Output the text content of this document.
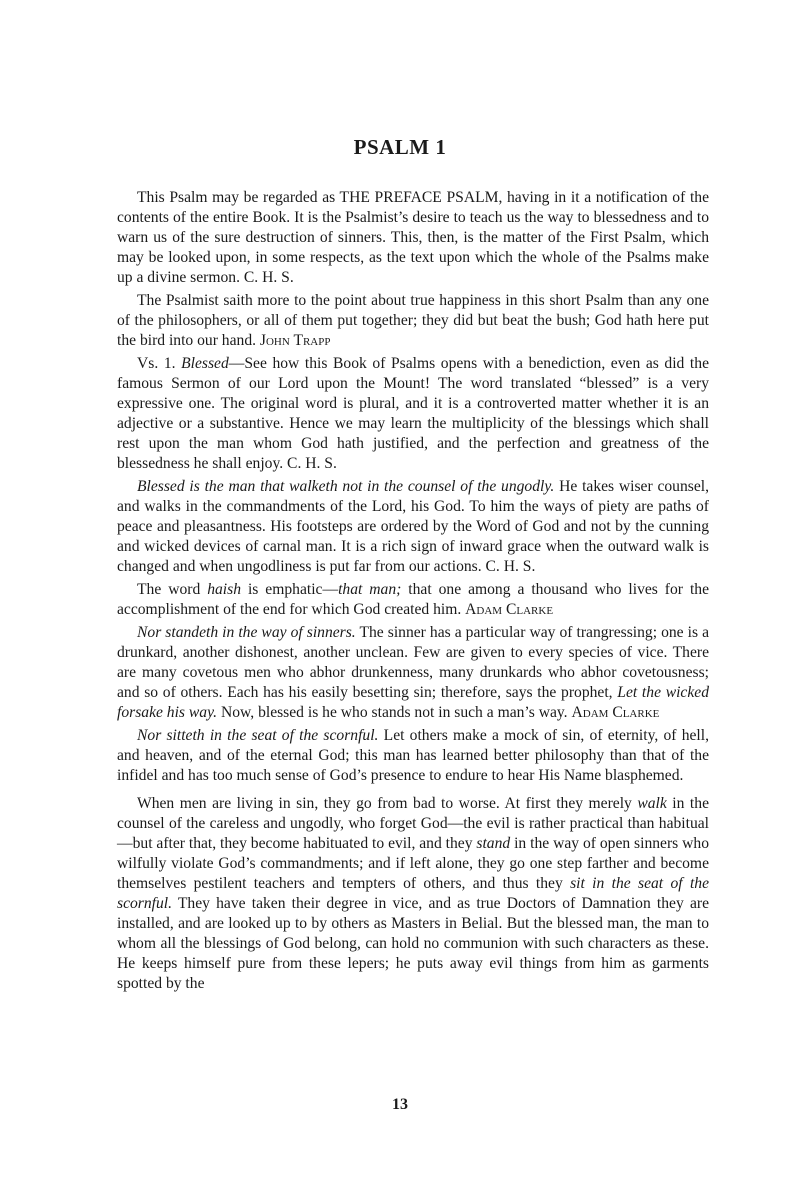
PSALM 1

This Psalm may be regarded as THE PREFACE PSALM, having in it a notification of the contents of the entire Book. It is the Psalmist’s desire to teach us the way to blessedness and to warn us of the sure destruction of sinners. This, then, is the matter of the First Psalm, which may be looked upon, in some respects, as the text upon which the whole of the Psalms make up a divine sermon. C. H. S.

The Psalmist saith more to the point about true happiness in this short Psalm than any one of the philosophers, or all of them put together; they did but beat the bush; God hath here put the bird into our hand. John Trapp

Vs. 1. Blessed—See how this Book of Psalms opens with a benediction, even as did the famous Sermon of our Lord upon the Mount! The word translated “blessed” is a very expressive one. The original word is plural, and it is a controverted matter whether it is an adjective or a substantive. Hence we may learn the multiplicity of the blessings which shall rest upon the man whom God hath justified, and the perfection and greatness of the blessedness he shall enjoy. C. H. S.

Blessed is the man that walketh not in the counsel of the ungodly. He takes wiser counsel, and walks in the commandments of the Lord, his God. To him the ways of piety are paths of peace and pleasantness. His footsteps are ordered by the Word of God and not by the cunning and wicked devices of carnal man. It is a rich sign of inward grace when the outward walk is changed and when ungodliness is put far from our actions. C. H. S.

The word haish is emphatic—that man; that one among a thousand who lives for the accomplishment of the end for which God created him. Adam Clarke

Nor standeth in the way of sinners. The sinner has a particular way of trangressing; one is a drunkard, another dishonest, another unclean. Few are given to every species of vice. There are many covetous men who abhor drunkenness, many drunkards who abhor covetousness; and so of others. Each has his easily besetting sin; therefore, says the prophet, Let the wicked forsake his way. Now, blessed is he who stands not in such a man’s way. Adam Clarke

Nor sitteth in the seat of the scornful. Let others make a mock of sin, of eternity, of hell, and heaven, and of the eternal God; this man has learned better philosophy than that of the infidel and has too much sense of God’s presence to endure to hear His Name blasphemed.

When men are living in sin, they go from bad to worse. At first they merely walk in the counsel of the careless and ungodly, who forget God—the evil is rather practical than habitual—but after that, they become habituated to evil, and they stand in the way of open sinners who wilfully violate God’s commandments; and if left alone, they go one step farther and become themselves pestilent teachers and tempters of others, and thus they sit in the seat of the scornful. They have taken their degree in vice, and as true Doctors of Damnation they are installed, and are looked up to by others as Masters in Belial. But the blessed man, the man to whom all the blessings of God belong, can hold no communion with such characters as these. He keeps himself pure from these lepers; he puts away evil things from him as garments spotted by the

13
